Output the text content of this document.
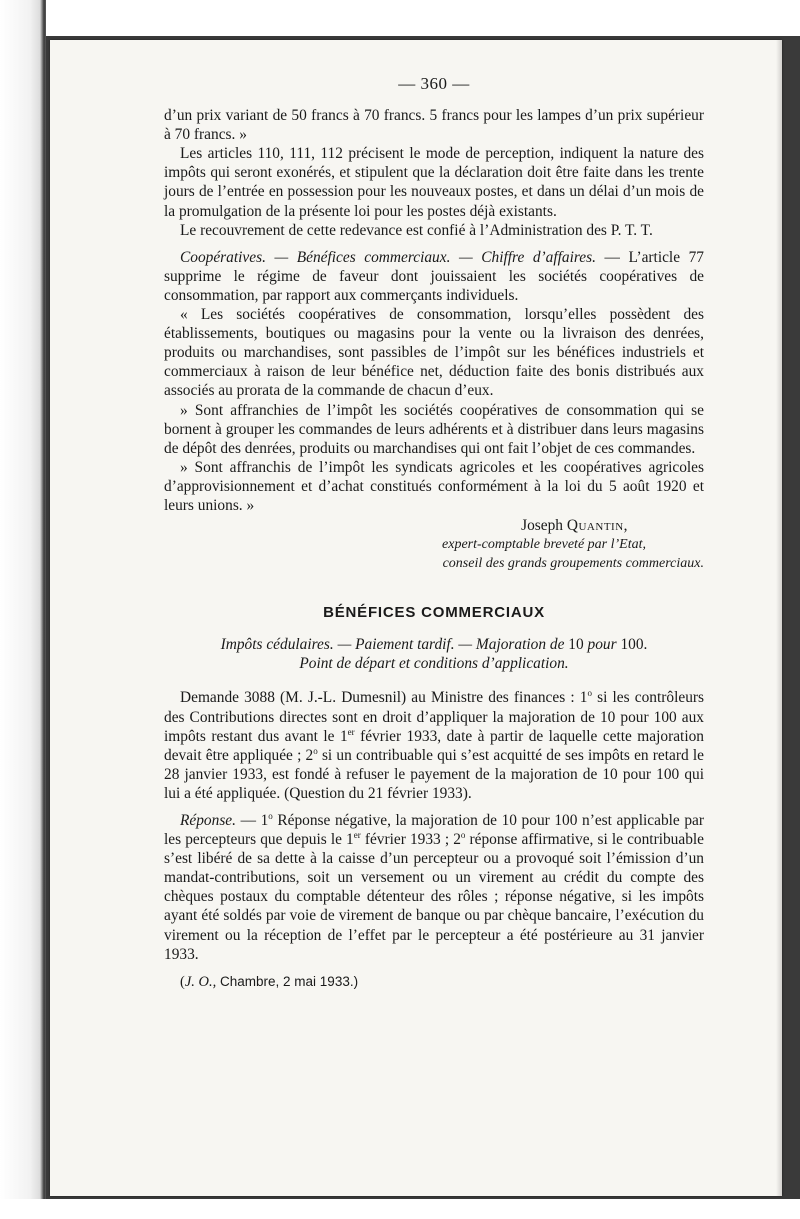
— 360 —

d’un prix variant de 50 francs à 70 francs. 5 francs pour les lampes d’un prix supérieur à 70 francs. »

Les articles 110, 111, 112 précisent le mode de perception, indiquent la nature des impôts qui seront exonérés, et stipulent que la déclaration doit être faite dans les trente jours de l’entrée en possession pour les nouveaux postes, et dans un délai d’un mois de la promulgation de la présente loi pour les postes déjà existants.

Le recouvrement de cette redevance est confié à l’Administration des P. T. T.

Coopératives. — Bénéfices commerciaux. — Chiffre d’affaires. — L’article 77 supprime le régime de faveur dont jouissaient les sociétés coopératives de consommation, par rapport aux commerçants individuels.

« Les sociétés coopératives de consommation, lorsqu’elles possèdent des établissements, boutiques ou magasins pour la vente ou la livraison des denrées, produits ou marchandises, sont passibles de l’impôt sur les bénéfices industriels et commerciaux à raison de leur bénéfice net, déduction faite des bonis distribués aux associés au prorata de la commande de chacun d’eux.

» Sont affranchies de l’impôt les sociétés coopératives de consommation qui se bornent à grouper les commandes de leurs adhérents et à distribuer dans leurs magasins de dépôt des denrées, produits ou marchandises qui ont fait l’objet de ces commandes.

» Sont affranchis de l’impôt les syndicats agricoles et les coopératives agricoles d’approvisionnement et d’achat constitués conformément à la loi du 5 août 1920 et leurs unions. »

Joseph Quantin,
expert-comptable breveté par l’Etat,
conseil des grands groupements commerciaux.
BÉNÉFICES COMMERCIAUX
Impôts cédulaires. — Paiement tardif. — Majoration de 10 pour 100.
Point de départ et conditions d’application.

Demande 3088 (M. J.-L. Dumesnil) au Ministre des finances : 1$^o$ si les contrôleurs des Contributions directes sont en droit d’appliquer la majoration de 10 pour 100 aux impôts restant dus avant le 1er février 1933, date à partir de laquelle cette majoration devait être appliquée ; 2$^o$ si un contribuable qui s’est acquitté de ses impôts en retard le 28 janvier 1933, est fondé à refuser le payement de la majoration de 10 pour 100 qui lui a été appliquée. (Question du 21 février 1933).

Réponse. — 1$^o$ Réponse négative, la majoration de 10 pour 100 n’est applicable par les percepteurs que depuis le 1er février 1933 ; 2$^o$ réponse affirmative, si le contribuable s’est libéré de sa dette à la caisse d’un percepteur ou a provoqué soit l’émission d’un mandat-contributions, soit un versement ou un virement au crédit du compte des chèques postaux du comptable détenteur des rôles ; réponse négative, si les impôts ayant été soldés par voie de virement de banque ou par chèque bancaire, l’exécution du virement ou la réception de l’effet par le percepteur a été postérieure au 31 janvier 1933.

(J. O., Chambre, 2 mai 1933.)
